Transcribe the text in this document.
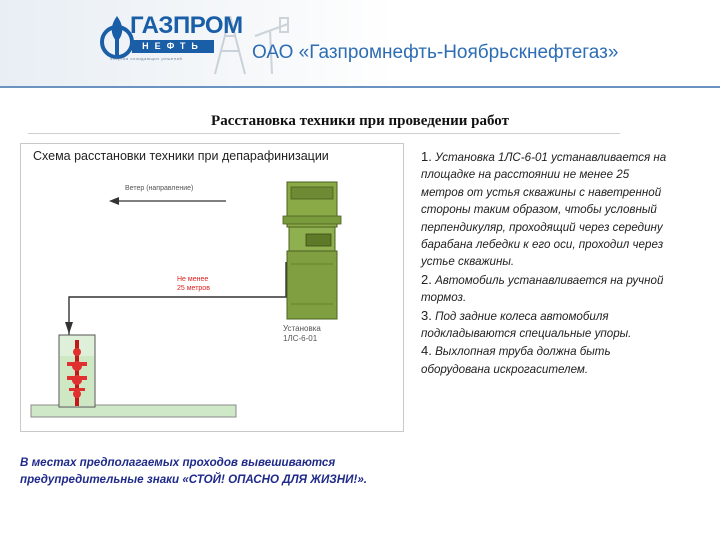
ГАЗПРОМ
НЕФТЬ
энергия созидающих решений	ОАО «Газпромнефть-Ноябрьскнефтегаз»
Расстановка техники при проведении работ
Схема расстановки техники при депарафинизации
Ветер (направление)
Не менее
25 метров
Установка
1ЛС-6-01

1. Установка 1ЛС-6-01 устанавливается на площадке на расстоянии не менее 25 метров от устья скважины с наветренной стороны таким образом, чтобы условный перпендикуляр, проходящий через середину барабана лебедки к его оси, проходил через устье скважины.

2. Автомобиль устанавливается на ручной тормоз.

3. Под задние колеса автомобиля подкладываются специальные упоры.

4. Выхлопная труба должна быть оборудована искрогасителем.

В местах предполагаемых проходов вывешиваются предупредительные знаки «СТОЙ! ОПАСНО ДЛЯ ЖИЗНИ!».
